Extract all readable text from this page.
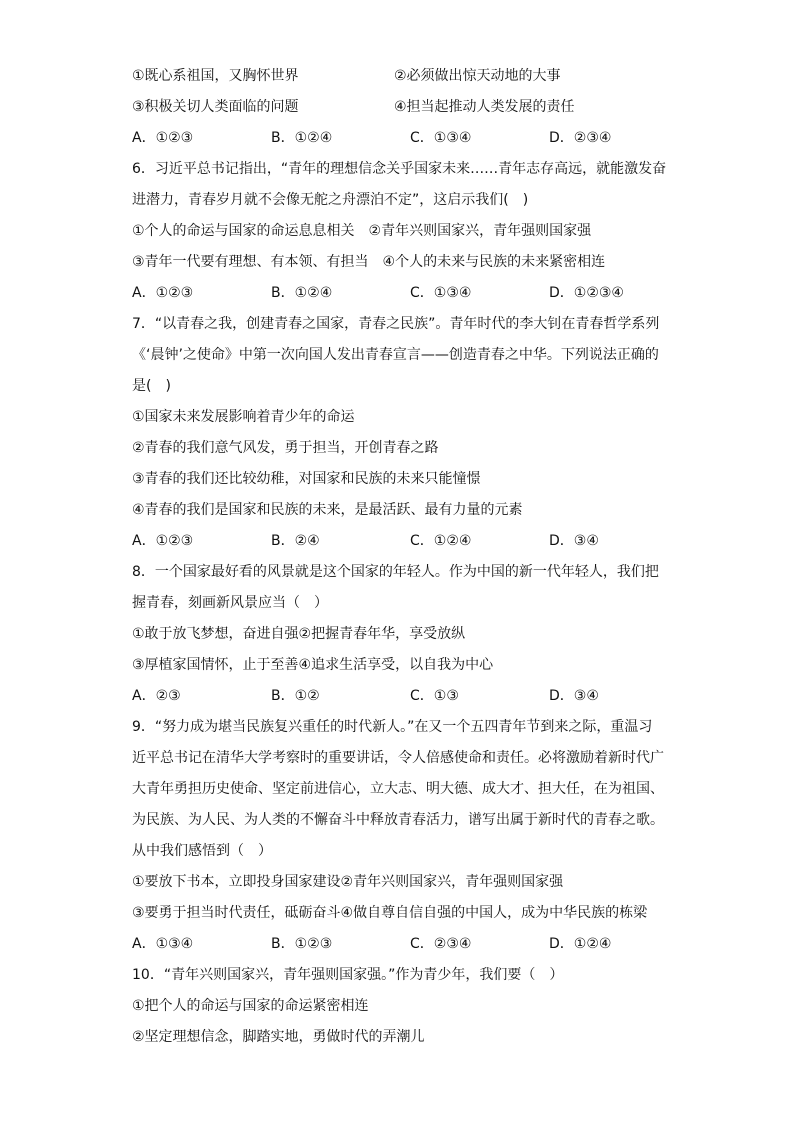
①既心系祖国，又胸怀世界	②必须做出惊天动地的大事
③积极关切人类面临的问题	④担当起推动人类发展的责任
A．①②③	B．①②④	C．①③④	D．②③④
6．习近平总书记指出，“青年的理想信念关乎国家未来……青年志存高远，就能激发奋
进潜力，青春岁月就不会像无舵之舟漂泊不定”，这启示我们(　)
①个人的命运与国家的命运息息相关　②青年兴则国家兴，青年强则国家强
③青年一代要有理想、有本领、有担当　④个人的未来与民族的未来紧密相连
A．①②③	B．①②④	C．①③④	D．①②③④
7．“以青春之我，创建青春之国家，青春之民族”。青年时代的李大钊在青春哲学系列
《‘晨钟’之使命》中第一次向国人发出青春宣言——创造青春之中华。下列说法正确的
是(　)
①国家未来发展影响着青少年的命运
②青春的我们意气风发，勇于担当，开创青春之路
③青春的我们还比较幼稚，对国家和民族的未来只能憧憬
④青春的我们是国家和民族的未来，是最活跃、最有力量的元素
A．①②③	B．②④	C．①②④	D．③④
8．一个国家最好看的风景就是这个国家的年轻人。作为中国的新一代年轻人，我们把
握青春，刻画新风景应当（　）
①敢于放飞梦想，奋进自强②把握青春年华，享受放纵
③厚植家国情怀，止于至善④追求生活享受，以自我为中心
A．②③	B．①②	C．①③	D．③④
9．“努力成为堪当民族复兴重任的时代新人。”在又一个五四青年节到来之际，重温习
近平总书记在清华大学考察时的重要讲话，令人倍感使命和责任。必将激励着新时代广
大青年勇担历史使命、坚定前进信心，立大志、明大德、成大才、担大任，在为祖国、
为民族、为人民、为人类的不懈奋斗中释放青春活力，谱写出属于新时代的青春之歌。
从中我们感悟到（　）
①要放下书本，立即投身国家建设②青年兴则国家兴，青年强则国家强
③要勇于担当时代责任，砥砺奋斗④做自尊自信自强的中国人，成为中华民族的栋梁
A．①③④	B．①②③	C．②③④	D．①②④
10．“青年兴则国家兴，青年强则国家强。”作为青少年，我们要（　）
①把个人的命运与国家的命运紧密相连
②坚定理想信念，脚踏实地，勇做时代的弄潮儿
